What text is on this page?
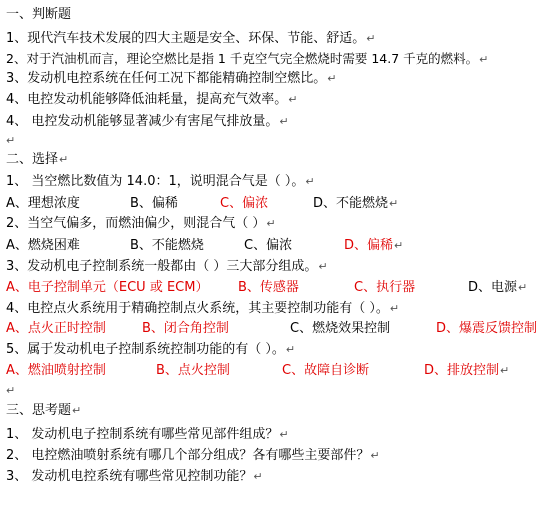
一、判断题
1、现代汽车技术发展的四大主题是安全、环保、节能、舒适。↵
2、对于汽油机而言，理论空燃比是指 1 千克空气完全燃烧时需要 14.7 千克的燃料。↵
3、发动机电控系统在任何工况下都能精确控制空燃比。↵
4、电控发动机能够降低油耗量，提高充气效率。↵
4、 电控发动机能够显著减少有害尾气排放量。↵
↵
二、选择↵
1、 当空燃比数值为 14.0：1，说明混合气是（ ）。↵
A、理想浓度	B、偏稀	C、偏浓	D、不能燃烧↵
2、当空气偏多，而燃油偏少，则混合气（ ）↵
A、燃烧困难	B、不能燃烧	C、偏浓	D、偏稀↵
3、发动机电子控制系统一般都由（ ）三大部分组成。↵
A、电子控制单元（ECU 或 ECM） B、传感器	C、执行器	D、电源↵
4、电控点火系统用于精确控制点火系统，其主要控制功能有（ ）。↵
A、点火正时控制	B、闭合角控制	C、燃烧效果控制	D、爆震反馈控制
5、属于发动机电子控制系统控制功能的有（ ）。↵
A、燃油喷射控制	B、点火控制	C、故障自诊断	D、排放控制↵
↵
三、思考题↵
1、 发动机电子控制系统有哪些常见部件组成？↵
2、 电控燃油喷射系统有哪几个部分组成？各有哪些主要部件？↵
3、 发动机电控系统有哪些常见控制功能？↵
